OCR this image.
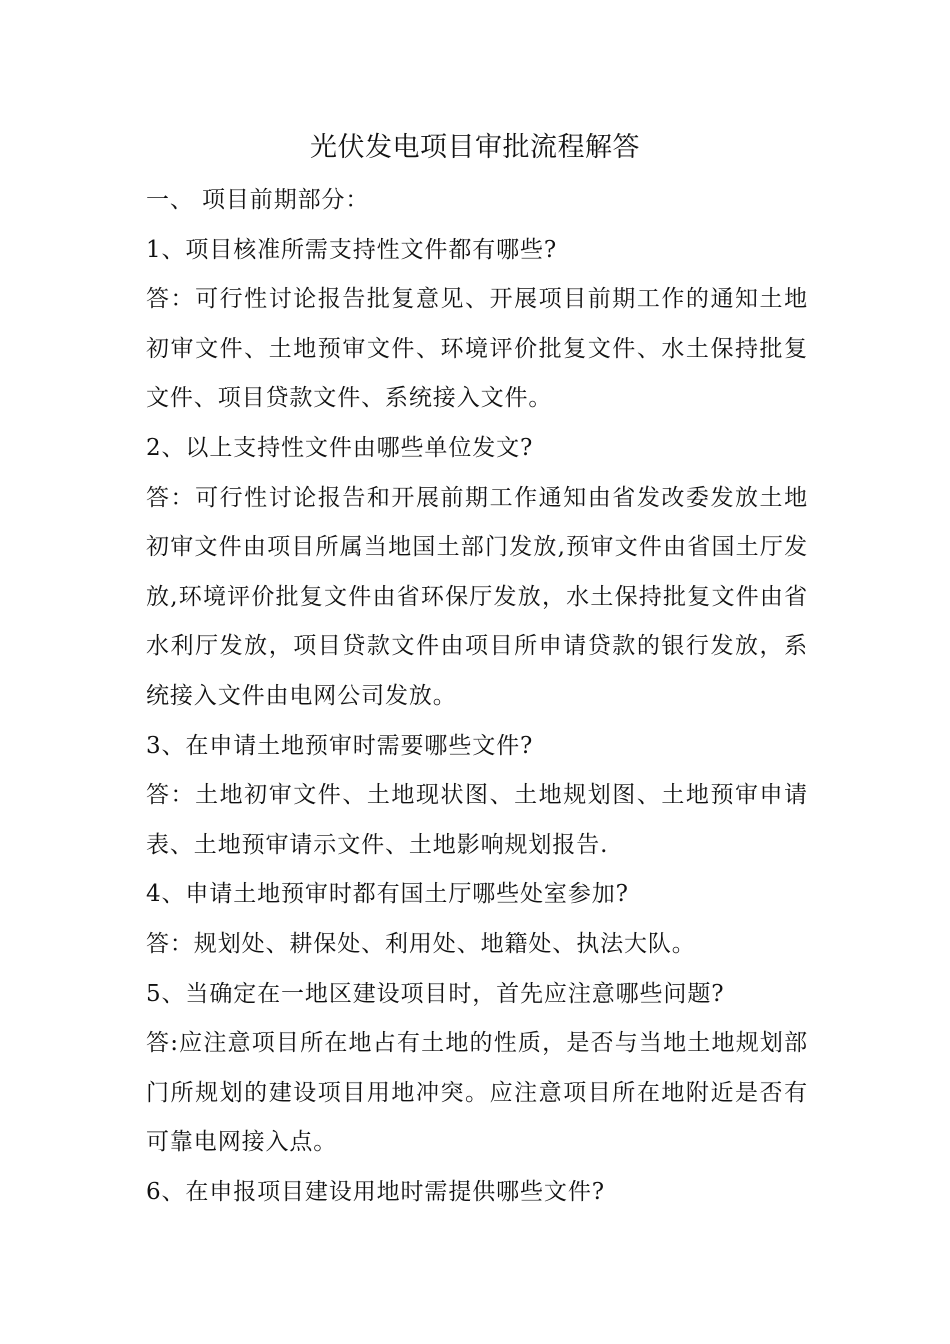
光伏发电项目审批流程解答

一、 项目前期部分：

1、项目核准所需支持性文件都有哪些?

答：可行性讨论报告批复意见、开展项目前期工作的通知土地初审文件、土地预审文件、环境评价批复文件、水土保持批复文件、项目贷款文件、系统接入文件。

2、以上支持性文件由哪些单位发文?

答：可行性讨论报告和开展前期工作通知由省发改委发放土地初审文件由项目所属当地国土部门发放,预审文件由省国土厅发放,环境评价批复文件由省环保厅发放，水土保持批复文件由省水利厅发放，项目贷款文件由项目所申请贷款的银行发放，系统接入文件由电网公司发放。

3、在申请土地预审时需要哪些文件?

答：土地初审文件、土地现状图、土地规划图、土地预审申请表、土地预审请示文件、土地影响规划报告.

4、申请土地预审时都有国土厅哪些处室参加?

答：规划处、耕保处、利用处、地籍处、执法大队。

5、当确定在一地区建设项目时，首先应注意哪些问题?

答:应注意项目所在地占有土地的性质，是否与当地土地规划部门所规划的建设项目用地冲突。应注意项目所在地附近是否有可靠电网接入点。

6、在申报项目建设用地时需提供哪些文件?
